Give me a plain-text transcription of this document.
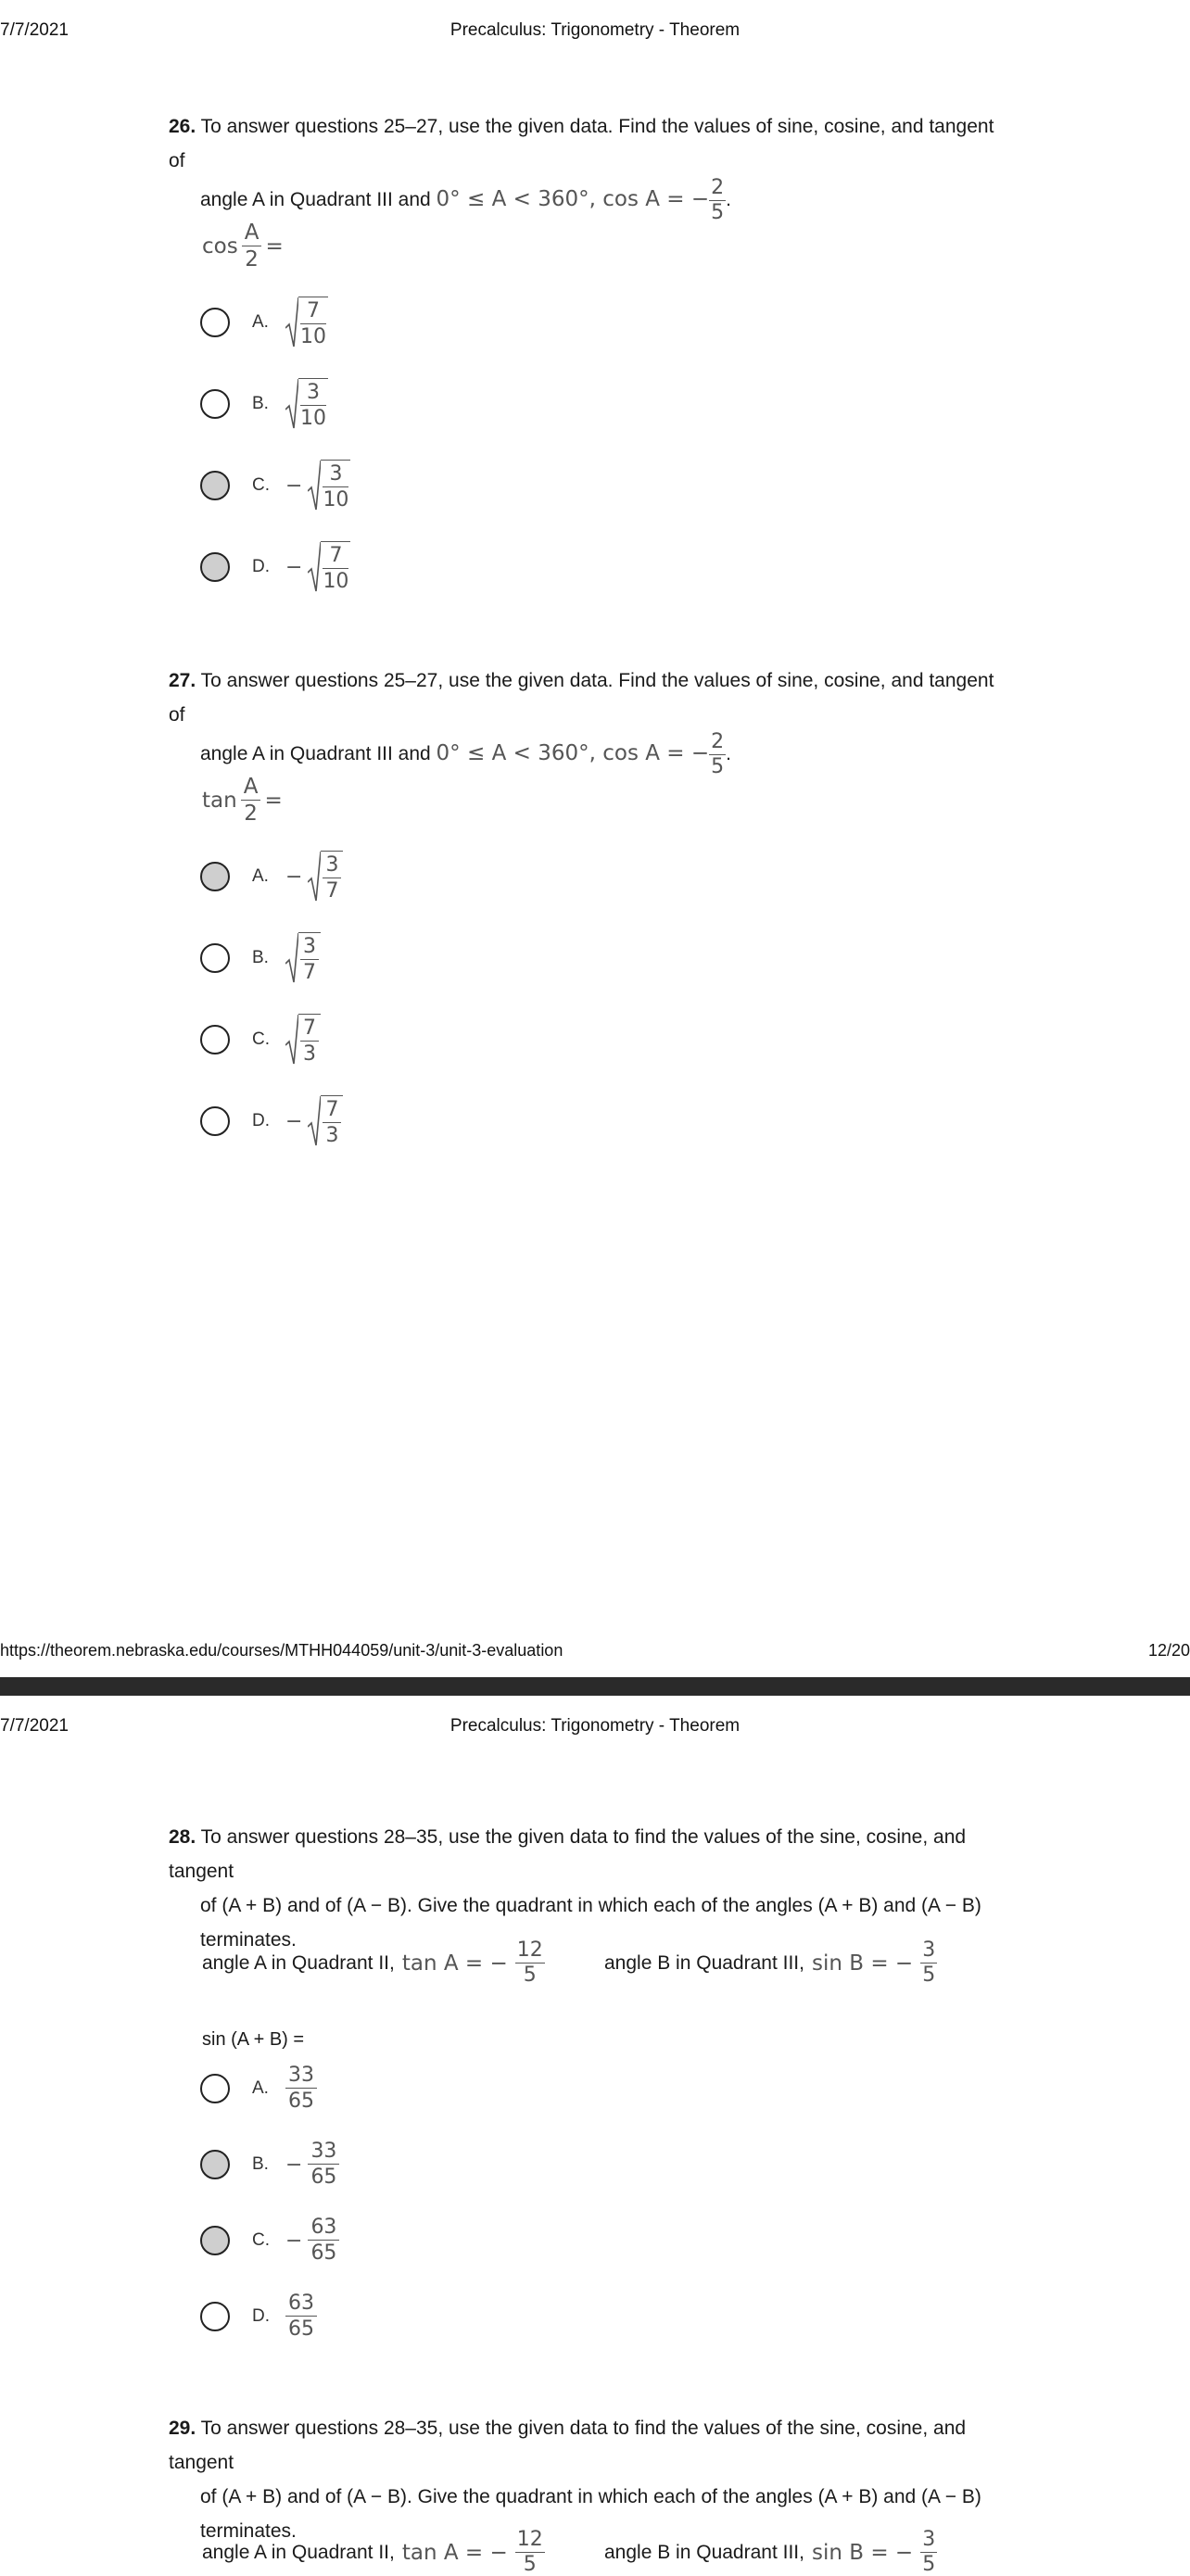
7/7/2021	Precalculus: Trigonometry - Theorem
26. To answer questions 25–27, use the given data. Find the values of sine, cosine, and tangent of
angle A in Quadrant III and 0° ≤ A < 360°, cos A = − $\frac{2}{5}$ .
$\cos \frac{A}{2}$ =
A. $\frac{7}{10}$
B. $\frac{3}{10}$
C. − $\frac{3}{10}$
D. − $\frac{7}{10}$
27. To answer questions 25–27, use the given data. Find the values of sine, cosine, and tangent of
angle A in Quadrant III and 0° ≤ A < 360°, cos A = − $\frac{2}{5}$ .
$\tan \frac{A}{2}$ =
A. − $\frac{3}{7}$
B. $\frac{3}{7}$
C. $\frac{7}{3}$
D. − $\frac{7}{3}$
https://theorem.nebraska.edu/courses/MTHH044059/unit-3/unit-3-evaluation	12/20
7/7/2021	Precalculus: Trigonometry - Theorem
28. To answer questions 28–35, use the given data to find the values of the sine, cosine, and tangent
of (A + B) and of (A − B). Give the quadrant in which each of the angles (A + B) and (A − B)
terminates.
angle A in Quadrant II, tan A = − $\frac{12}{5}$	angle B in Quadrant III, sin B = − $\frac{3}{5}$
sin (A + B) =
A. $\frac{33}{65}$
B. − $\frac{33}{65}$
C. − $\frac{63}{65}$
D. $\frac{63}{65}$
29. To answer questions 28–35, use the given data to find the values of the sine, cosine, and tangent
of (A + B) and of (A − B). Give the quadrant in which each of the angles (A + B) and (A − B)
terminates.
angle A in Quadrant II, tan A = − $\frac{12}{5}$	angle B in Quadrant III, sin B = − $\frac{3}{5}$
